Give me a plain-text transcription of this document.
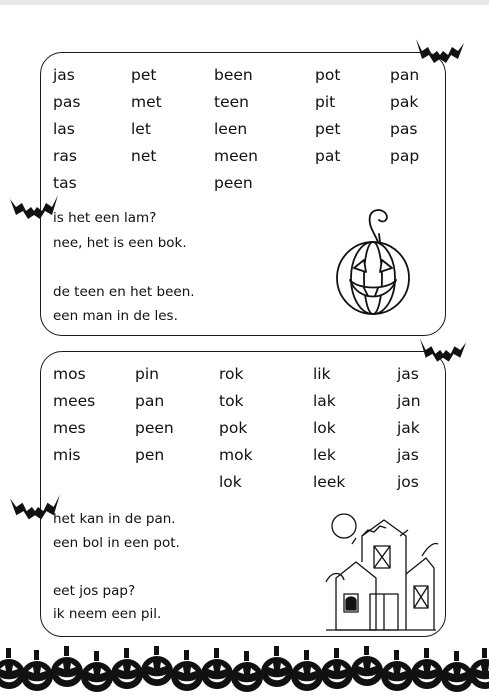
jas
pas
las
ras
tas
pet
met
let
net
been
teen
leen
meen
peen
pot
pit
pet
pat
pan
pak
pas
pap
is het een lam?
nee, het is een bok.
de teen en het been.
een man in de les.
mos
mees
mes
mis
pin
pan
peen
pen
rok
tok
pok
mok
lok
lik
lak
lok
lek
leek
jas
jan
jak
jas
jos
het kan in de pan.
een bol in een pot.
eet jos pap?
ik neem een pil.
